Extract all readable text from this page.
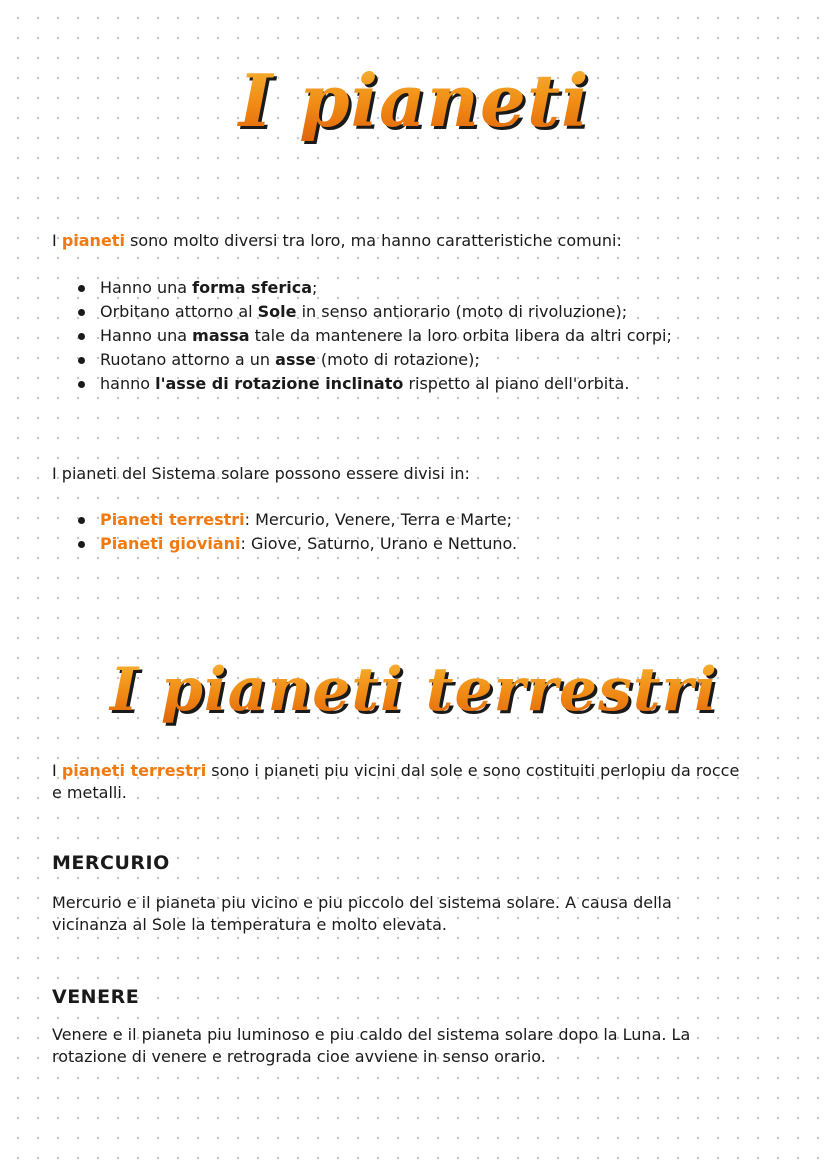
I pianeti

I pianeti sono molto diversi tra loro, ma hanno caratteristiche comuni:

Hanno una forma sferica;
Orbitano attorno al Sole in senso antiorario (moto di rivoluzione);
Hanno una massa tale da mantenere la loro orbita libera da altri corpi;
Ruotano attorno a un asse (moto di rotazione);
hanno l'asse di rotazione inclinato rispetto al piano dell'orbita.

I pianeti del Sistema solare possono essere divisi in:

Pianeti terrestri: Mercurio, Venere, Terra e Marte;
Pianeti gioviani: Giove, Saturno, Urano e Nettuno.
I pianeti terrestri

I pianeti terrestri sono i pianeti piu vicini dal sole e sono costituiti perlopiu da rocce e metalli.

MERCURIO

Mercurio e il pianeta piu vicino e piu piccolo del sistema solare. A causa della vicinanza al Sole la temperatura e molto elevata.

VENERE

Venere e il pianeta piu luminoso e piu caldo del sistema solare dopo la Luna. La rotazione di venere e retrograda cioe avviene in senso orario.
